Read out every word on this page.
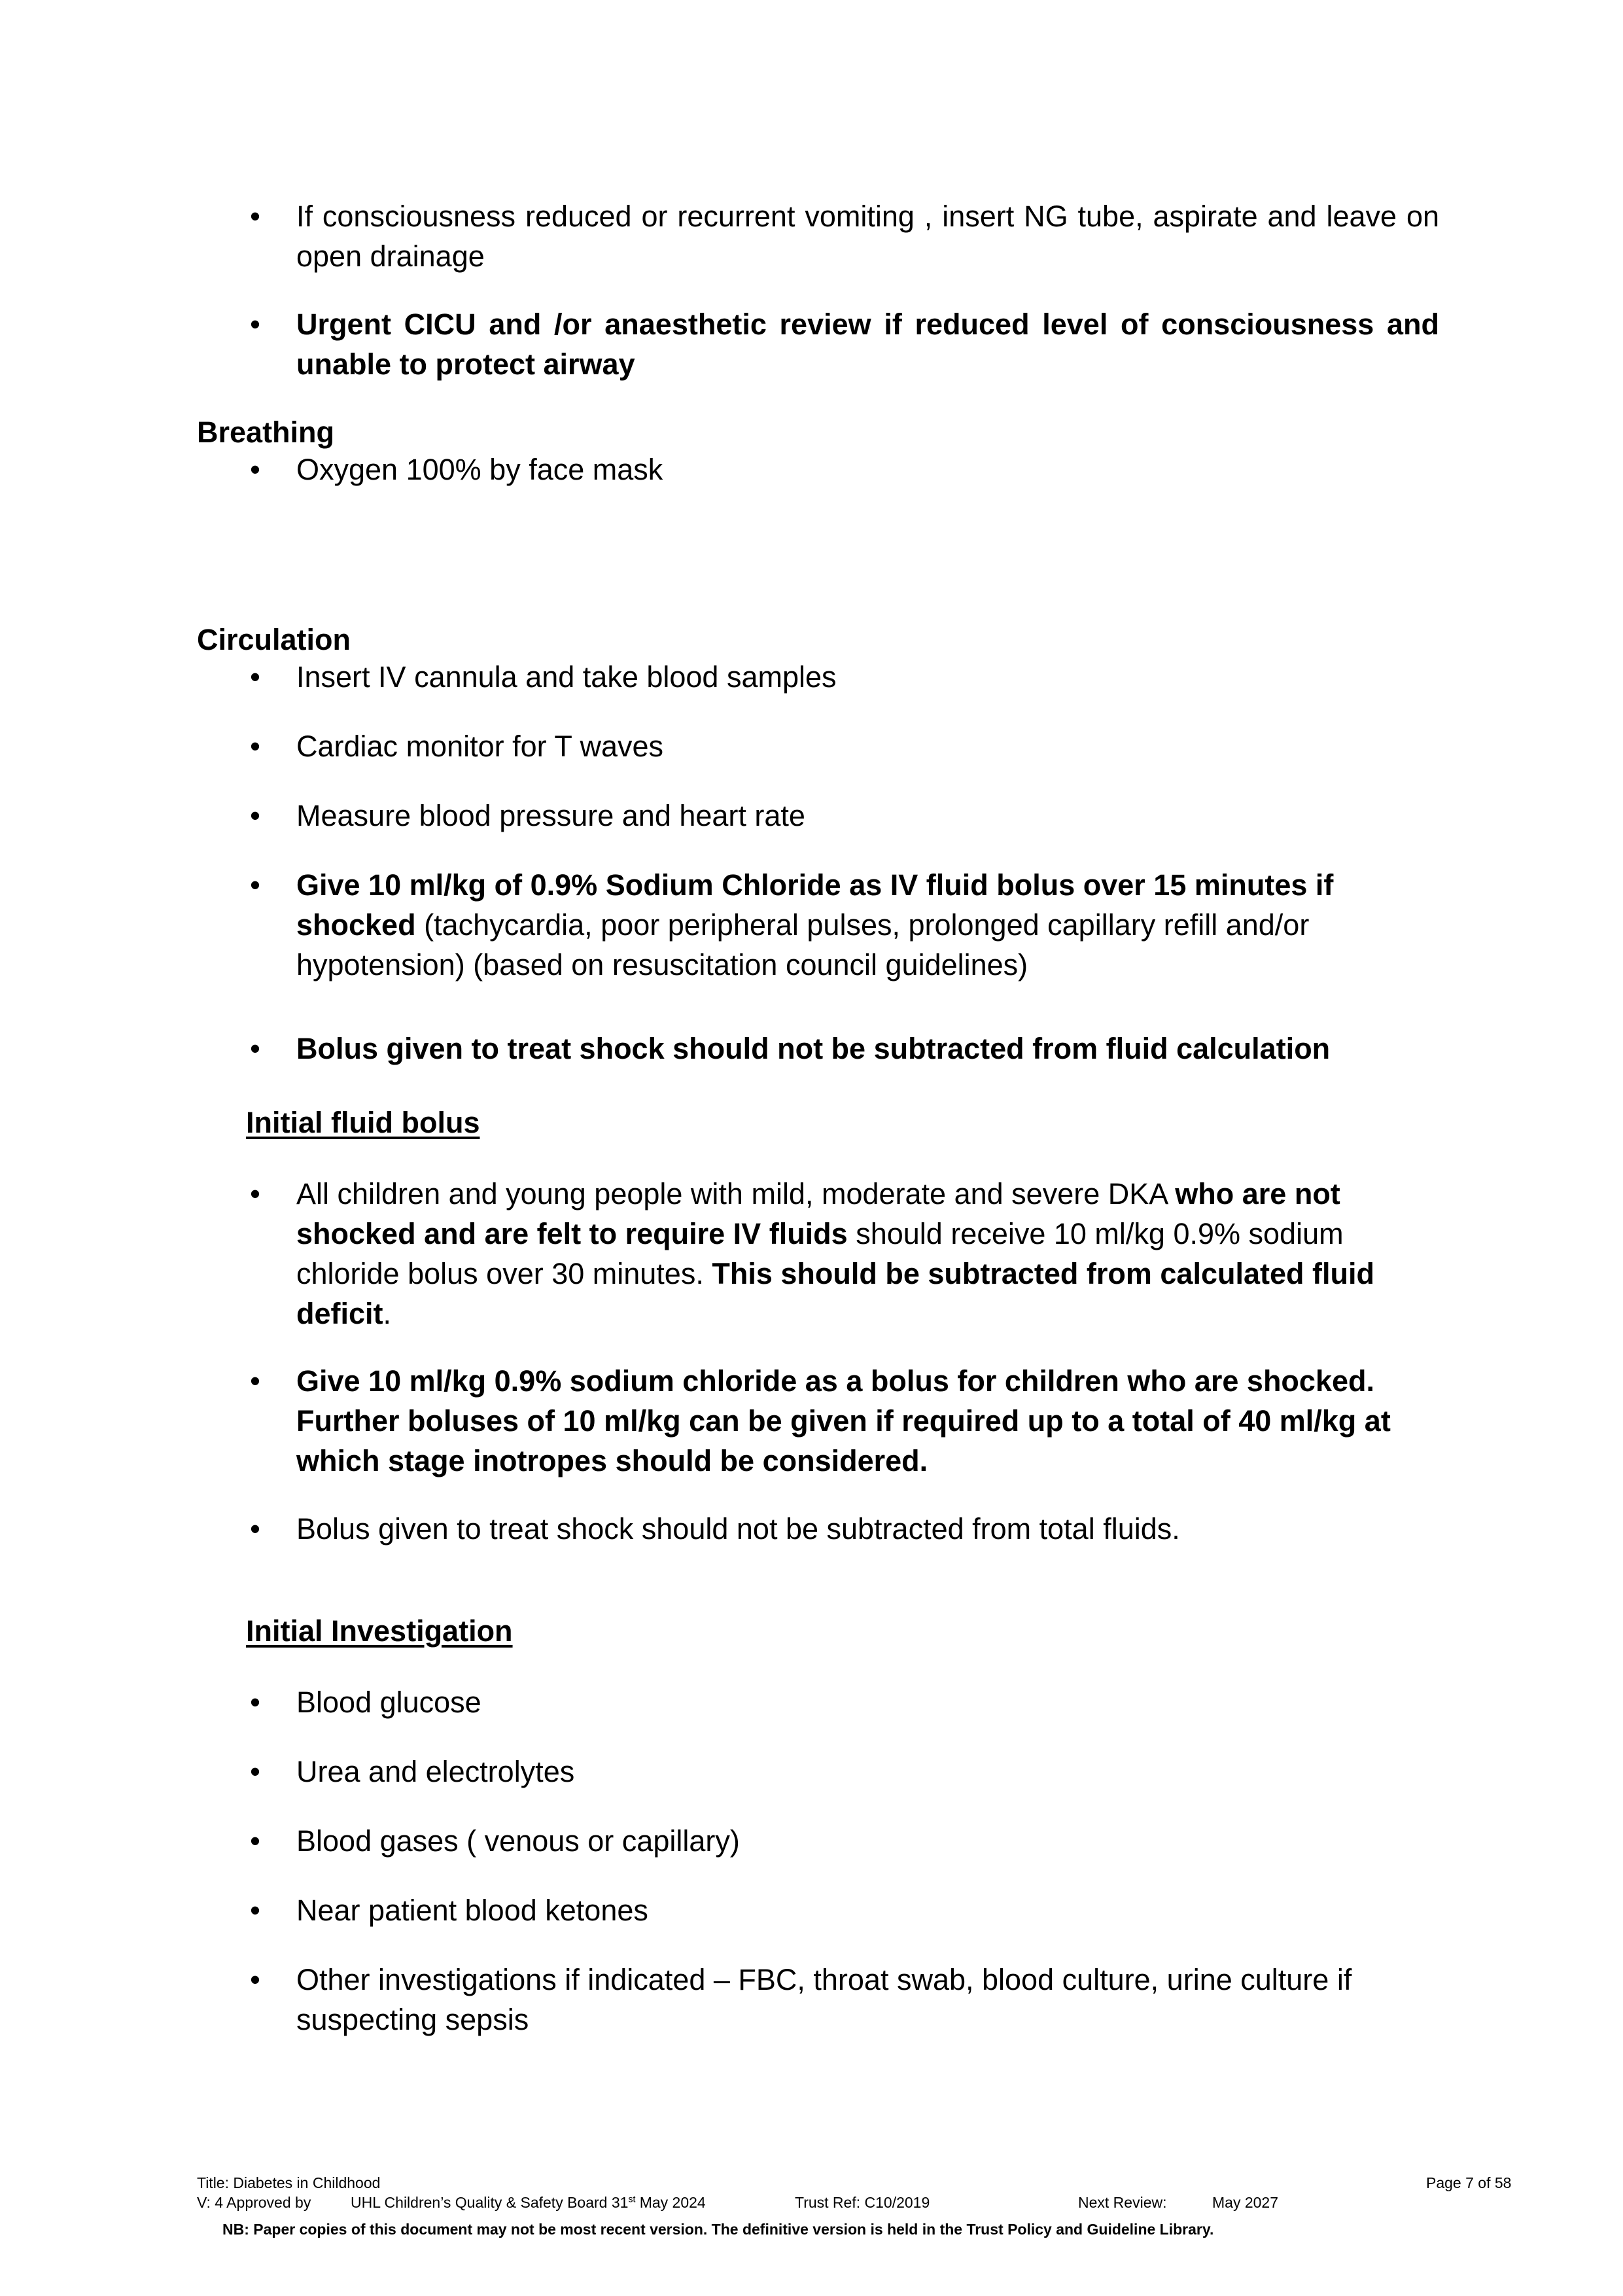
• If consciousness reduced or recurrent vomiting , insert NG tube, aspirate and leave on open drainage
• Urgent CICU and /or anaesthetic review if reduced level of consciousness and unable to protect airway
Breathing
• Oxygen 100% by face mask
Circulation
• Insert IV cannula and take blood samples
• Cardiac monitor for T waves
• Measure blood pressure and heart rate
• Give 10 ml/kg of 0.9% Sodium Chloride as IV fluid bolus over 15 minutes if shocked (tachycardia, poor peripheral pulses, prolonged capillary refill and/or hypotension) (based on resuscitation council guidelines)
• Bolus given to treat shock should not be subtracted from fluid calculation
Initial fluid bolus
• All children and young people with mild, moderate and severe DKA who are not shocked and are felt to require IV fluids should receive 10 ml/kg 0.9% sodium chloride bolus over 30 minutes. This should be subtracted from calculated fluid deficit.
• Give 10 ml/kg 0.9% sodium chloride as a bolus for children who are shocked. Further boluses of 10 ml/kg can be given if required up to a total of 40 ml/kg at which stage inotropes should be considered.
• Bolus given to treat shock should not be subtracted from total fluids.
Initial Investigation
• Blood glucose
• Urea and electrolytes
• Blood gases ( venous or capillary)
• Near patient blood ketones
• Other investigations if indicated – FBC, throat swab, blood culture, urine culture if suspecting sepsis
Title: Diabetes in Childhood	Page 7 of 58
V: 4 Approved by	UHL Children’s Quality & Safety Board 31st May 2024	Trust Ref: C10/2019	Next Review:	May 2027
NB: Paper copies of this document may not be most recent version. The definitive version is held in the Trust Policy and Guideline Library.
